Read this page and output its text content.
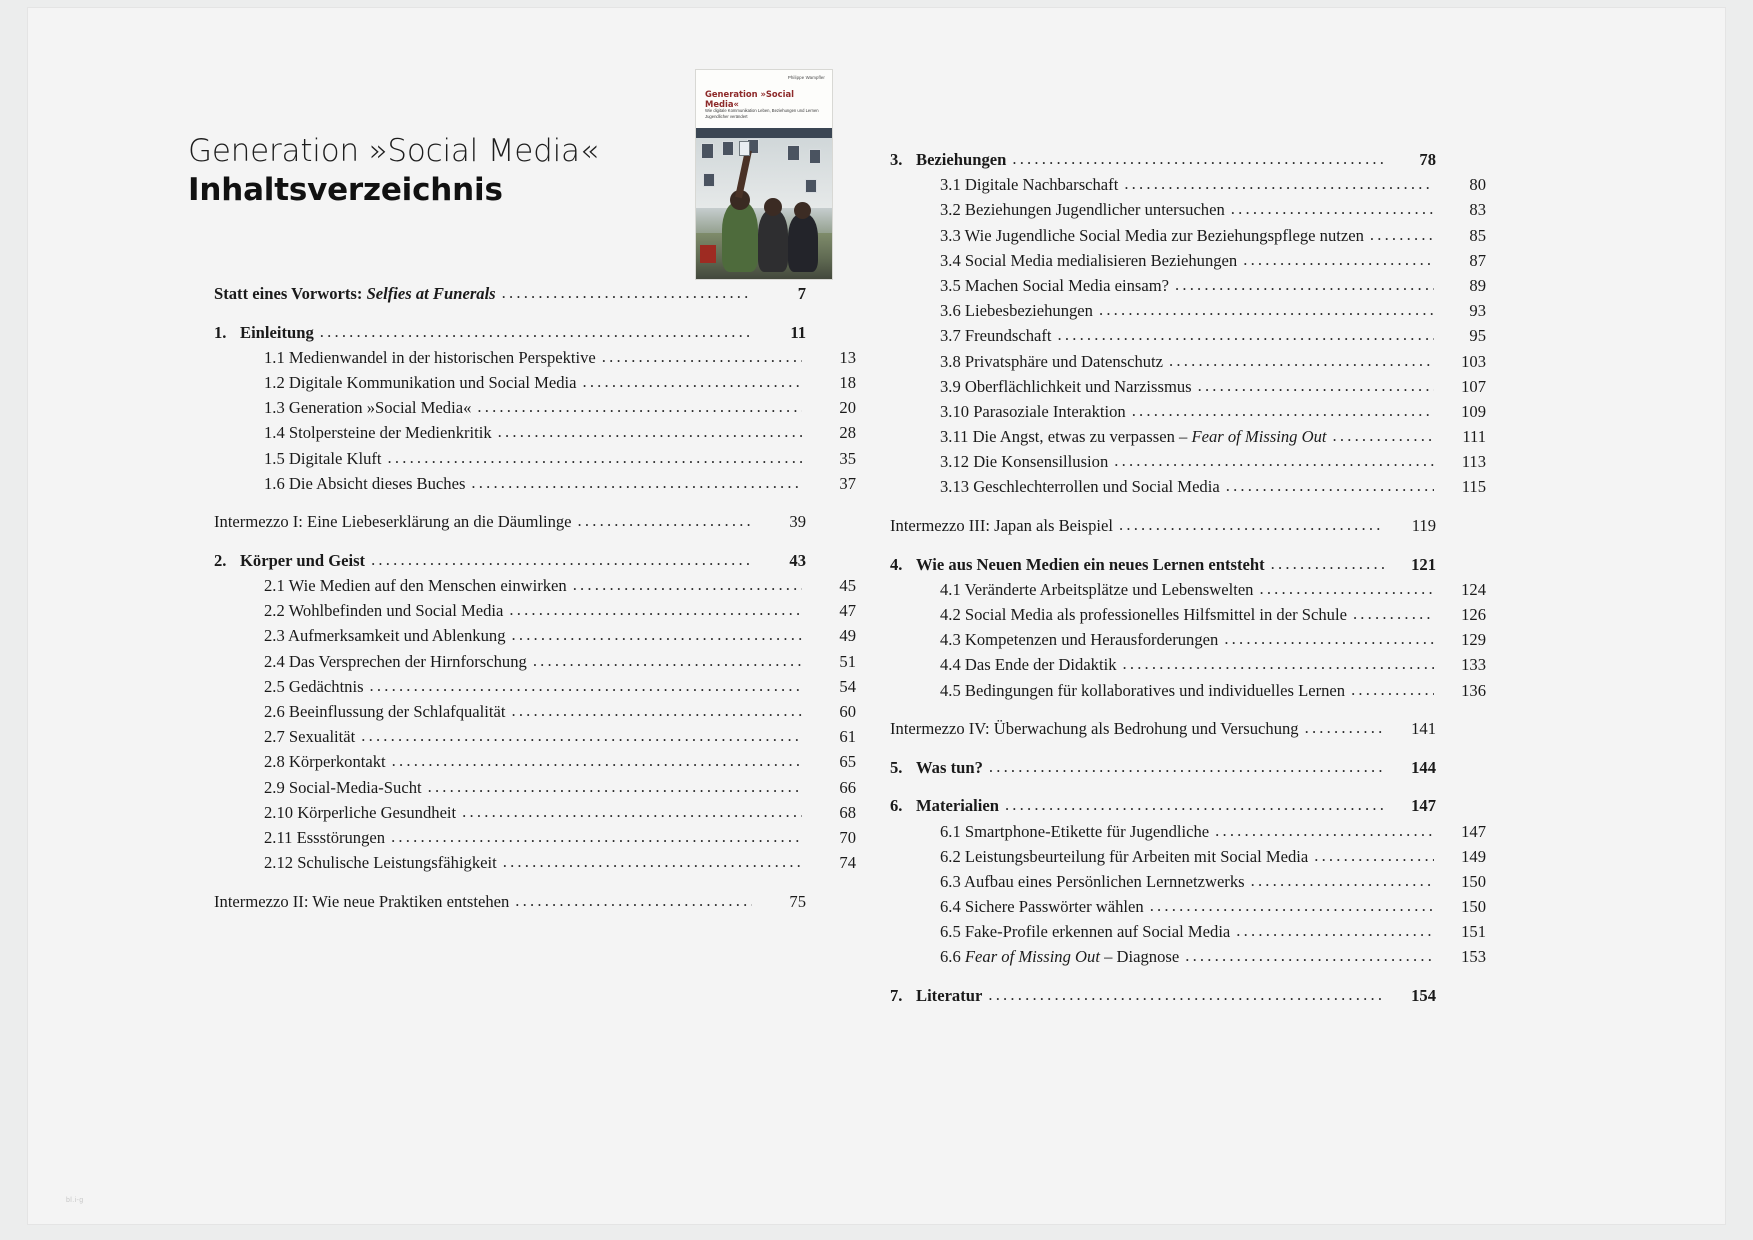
Generation »Social Media«
Inhaltsverzeichnis
Philippe Wampfler
Generation »Social Media«
Wie digitale Kommunikation Leben, Beziehungen und Lernen Jugendlicher verändert
Statt eines Vorworts: Selfies at Funerals .....	7
1. Einleitung .....	11
1.1 Medienwandel in der historischen Perspektive .....	13
1.2 Digitale Kommunikation und Social Media .....	18
1.3 Generation »Social Media« .....	20
1.4 Stolpersteine der Medienkritik .....	28
1.5 Digitale Kluft .....	35
1.6 Die Absicht dieses Buches .....	37
Intermezzo I: Eine Liebeserklärung an die Däumlinge .....	39
2. Körper und Geist .....	43
2.1 Wie Medien auf den Menschen einwirken .....	45
2.2 Wohlbefinden und Social Media .....	47
2.3 Aufmerksamkeit und Ablenkung .....	49
2.4 Das Versprechen der Hirnforschung .....	51
2.5 Gedächtnis .....	54
2.6 Beeinflussung der Schlafqualität .....	60
2.7 Sexualität .....	61
2.8 Körperkontakt .....	65
2.9 Social-Media-Sucht .....	66
2.10 Körperliche Gesundheit .....	68
2.11 Essstörungen .....	70
2.12 Schulische Leistungsfähigkeit .....	74
Intermezzo II: Wie neue Praktiken entstehen .....	75
3. Beziehungen .....	78
3.1 Digitale Nachbarschaft .....	80
3.2 Beziehungen Jugendlicher untersuchen .....	83
3.3 Wie Jugendliche Social Media zur Beziehungspflege nutzen .....	85
3.4 Social Media medialisieren Beziehungen .....	87
3.5 Machen Social Media einsam? .....	89
3.6 Liebesbeziehungen .....	93
3.7 Freundschaft .....	95
3.8 Privatsphäre und Datenschutz .....	103
3.9 Oberflächlichkeit und Narzissmus .....	107
3.10 Parasoziale Interaktion .....	109
3.11 Die Angst, etwas zu verpassen – Fear of Missing Out .....	111
3.12 Die Konsensillusion .....	113
3.13 Geschlechterrollen und Social Media .....	115
Intermezzo III: Japan als Beispiel .....	119
4. Wie aus Neuen Medien ein neues Lernen entsteht .....	121
4.1 Veränderte Arbeitsplätze und Lebenswelten .....	124
4.2 Social Media als professionelles Hilfsmittel in der Schule .....	126
4.3 Kompetenzen und Herausforderungen .....	129
4.4 Das Ende der Didaktik .....	133
4.5 Bedingungen für kollaboratives und individuelles Lernen .....	136
Intermezzo IV: Überwachung als Bedrohung und Versuchung .....	141
5. Was tun? .....	144
6. Materialien .....	147
6.1 Smartphone-Etikette für Jugendliche .....	147
6.2 Leistungsbeurteilung für Arbeiten mit Social Media .....	149
6.3 Aufbau eines Persönlichen Lernnetzwerks .....	150
6.4 Sichere Passwörter wählen .....	150
6.5 Fake-Profile erkennen auf Social Media .....	151
6.6 Fear of Missing Out – Diagnose .....	153
7. Literatur .....	154
bl.i-g
